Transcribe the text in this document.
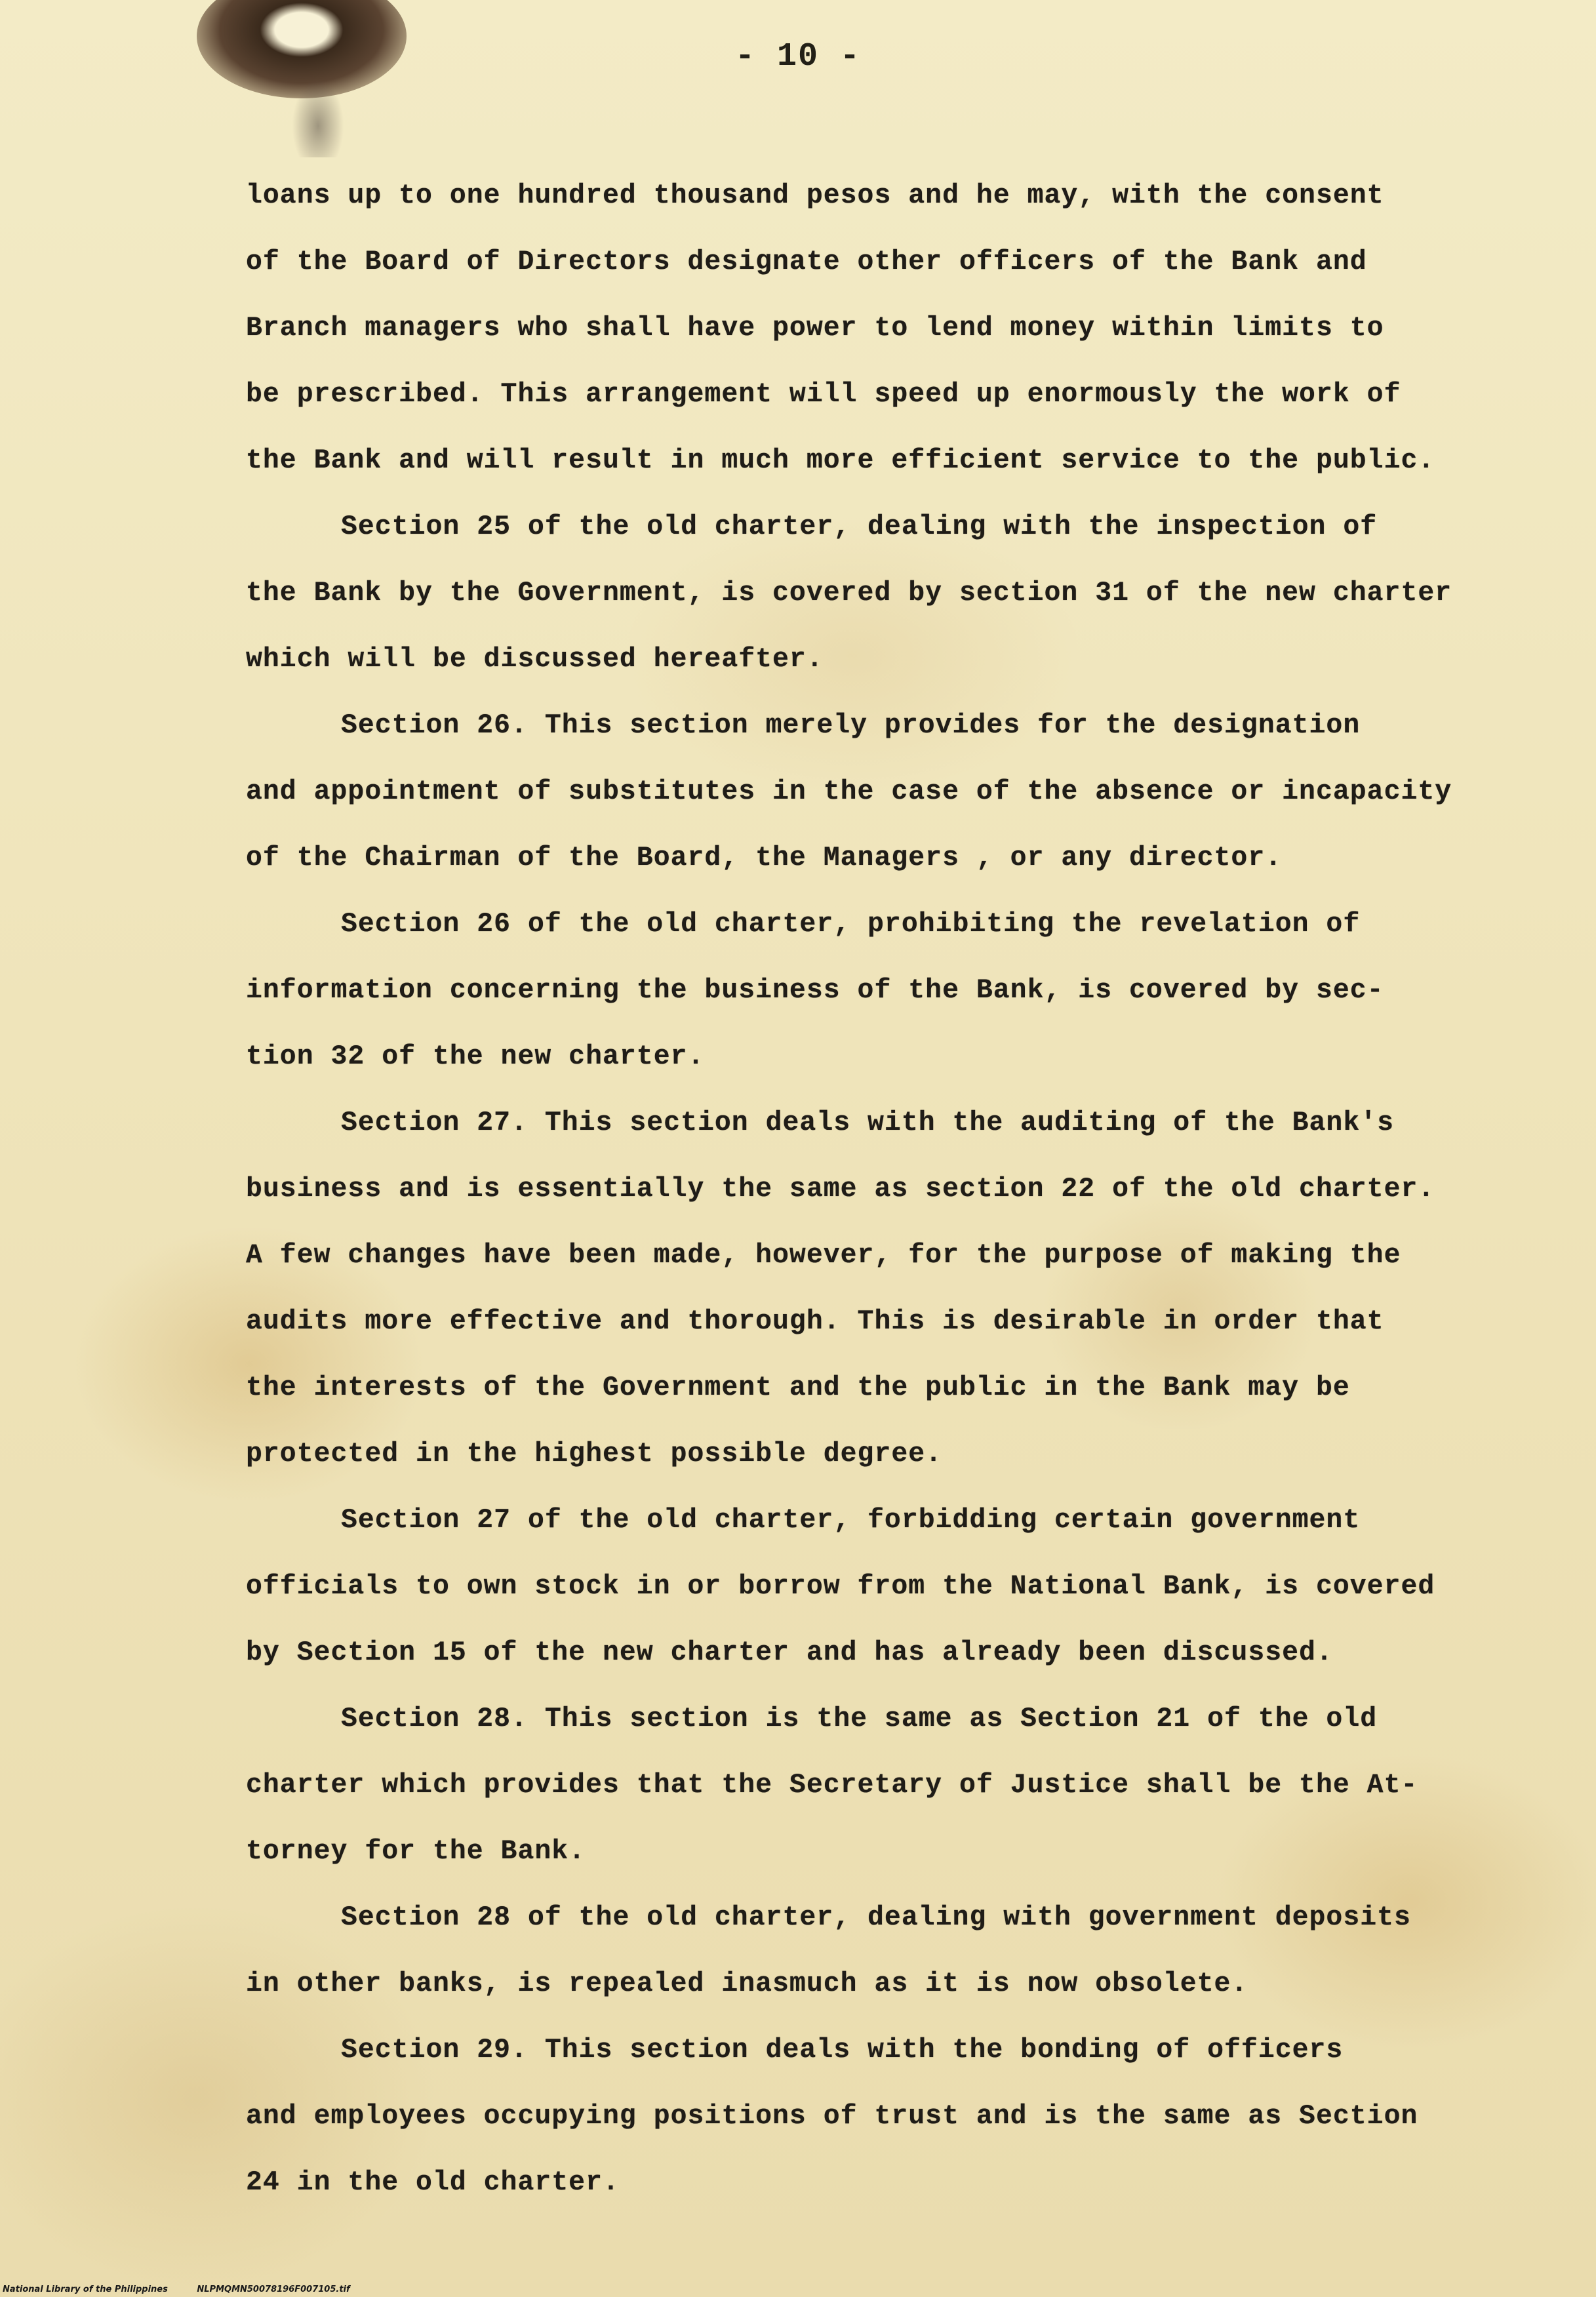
- 10 -
loans up to one hundred thousand pesos and he may, with the consent
of the Board of Directors designate other officers of the Bank and
Branch managers who shall have power to lend money within limits to
be prescribed. This arrangement will speed up enormously the work of
the Bank and will result in much more efficient service to the public.
Section 25 of the old charter, dealing with the inspection of
the Bank by the Government, is covered by section 31 of the new charter
which will be discussed hereafter.
Section 26. This section merely provides for the designation
and appointment of substitutes in the case of the absence or incapacity
of the Chairman of the Board, the Managers , or any director.
Section 26 of the old charter, prohibiting the revelation of
information concerning the business of the Bank, is covered by sec-
tion 32 of the new charter.
Section 27. This section deals with the auditing of the Bank's
business and is essentially the same as section 22 of the old charter.
A few changes have been made, however, for the purpose of making the
audits more effective and thorough. This is desirable in order that
the interests of the Government and the public in the Bank may be
protected in the highest possible degree.
Section 27 of the old charter, forbidding certain government
officials to own stock in or borrow from the National Bank, is covered
by Section 15 of the new charter and has already been discussed.
Section 28. This section is the same as Section 21 of the old
charter which provides that the Secretary of Justice shall be the At-
torney for the Bank.
Section 28 of the old charter, dealing with government deposits
in other banks, is repealed inasmuch as it is now obsolete.
Section 29. This section deals with the bonding of officers
and employees occupying positions of trust and is the same as Section
24 in the old charter.
National Library of the Philippines	NLPMQMN50078196F007105.tif
